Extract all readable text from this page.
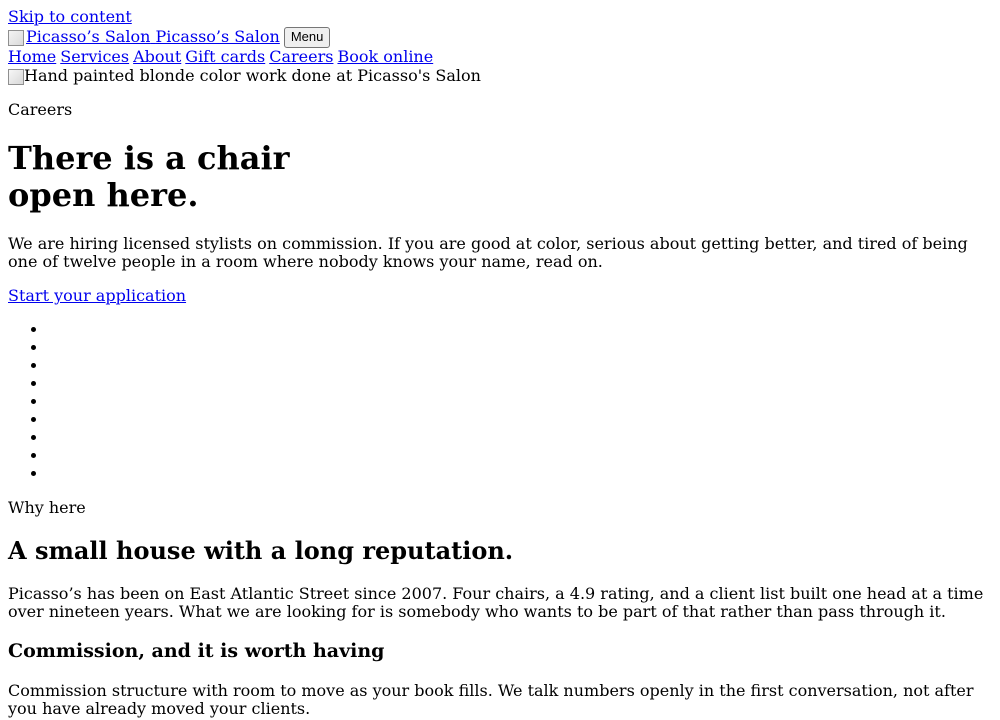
Skip to content
Picasso’s Salon
Picasso’s Salon Menu
Home Services About Gift cards Careers Book online
Hand painted blonde color work done at Picasso's Salon

Careers

There is a chair
open here.

We are hiring licensed stylists on commission. If you are good at color, serious about getting better, and tired of being one of twelve people in a room where nobody knows your name, read on.

Start your application

•
•
•
•
•
•
•
•
•

Why here

A small house with a long reputation.

Picasso’s has been on East Atlantic Street since 2007. Four chairs, a 4.9 rating, and a client list built one head at a time over nineteen years. What we are looking for is somebody who wants to be part of that rather than pass through it.

Commission, and it is worth having

Commission structure with room to move as your book fills. We talk numbers openly in the first conversation, not after you have already moved your clients.
